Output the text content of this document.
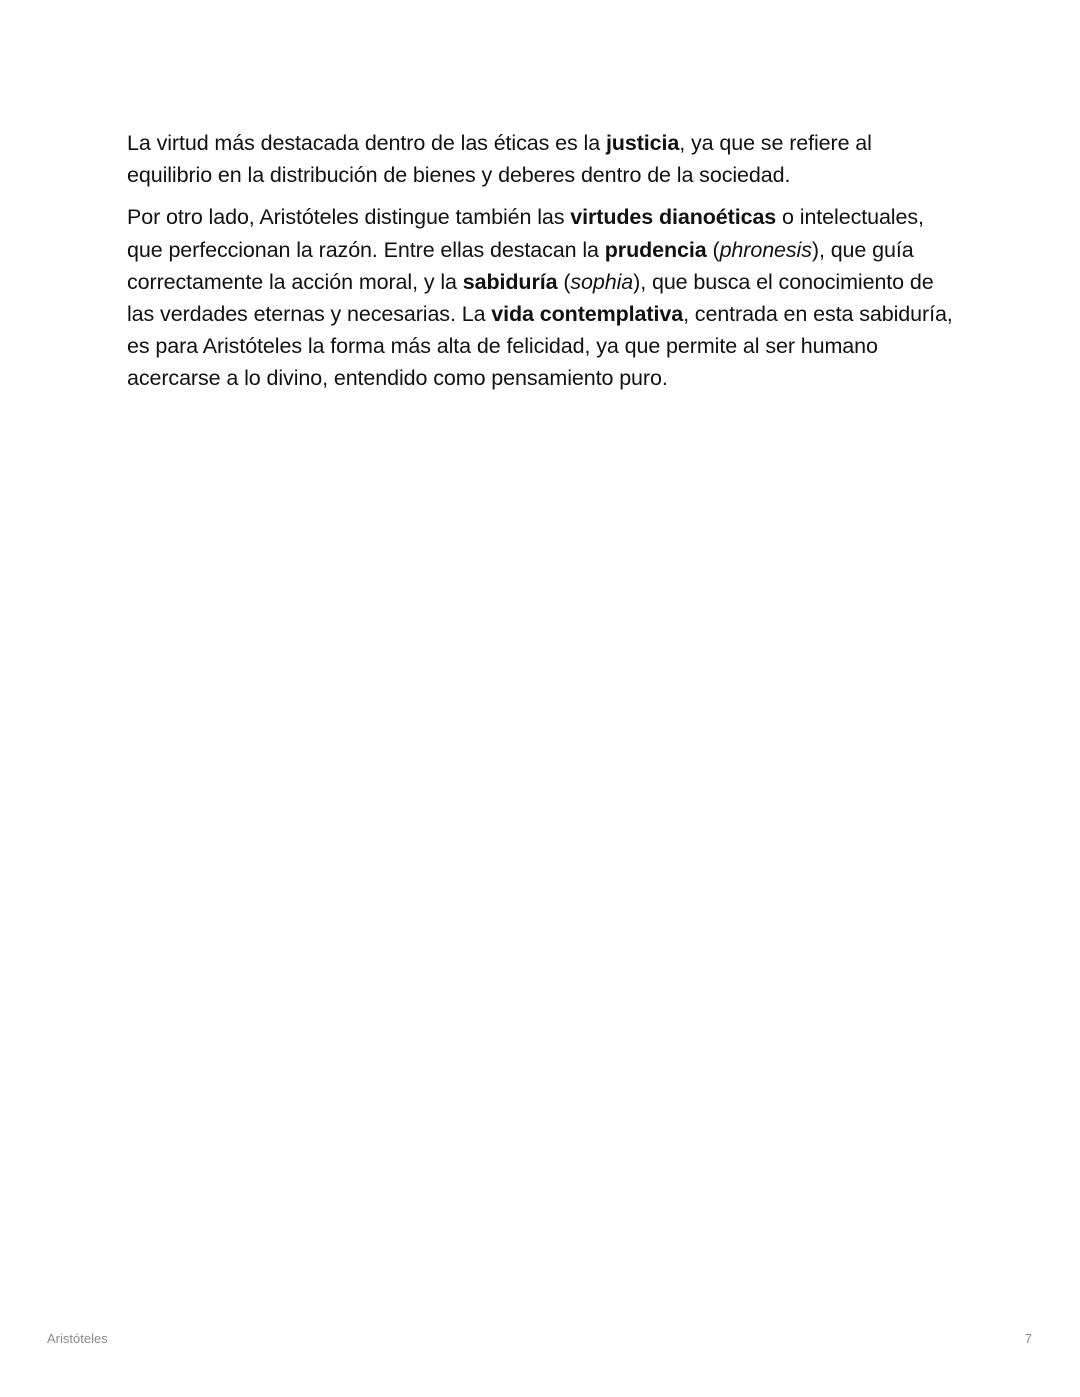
La virtud más destacada dentro de las éticas es la justicia, ya que se refiere al equilibrio en la distribución de bienes y deberes dentro de la sociedad.

Por otro lado, Aristóteles distingue también las virtudes dianoéticas o intelectuales, que perfeccionan la razón. Entre ellas destacan la prudencia (phronesis), que guía correctamente la acción moral, y la sabiduría (sophia), que busca el conocimiento de las verdades eternas y necesarias. La vida contemplativa, centrada en esta sabiduría, es para Aristóteles la forma más alta de felicidad, ya que permite al ser humano acercarse a lo divino, entendido como pensamiento puro.

Aristóteles	7
